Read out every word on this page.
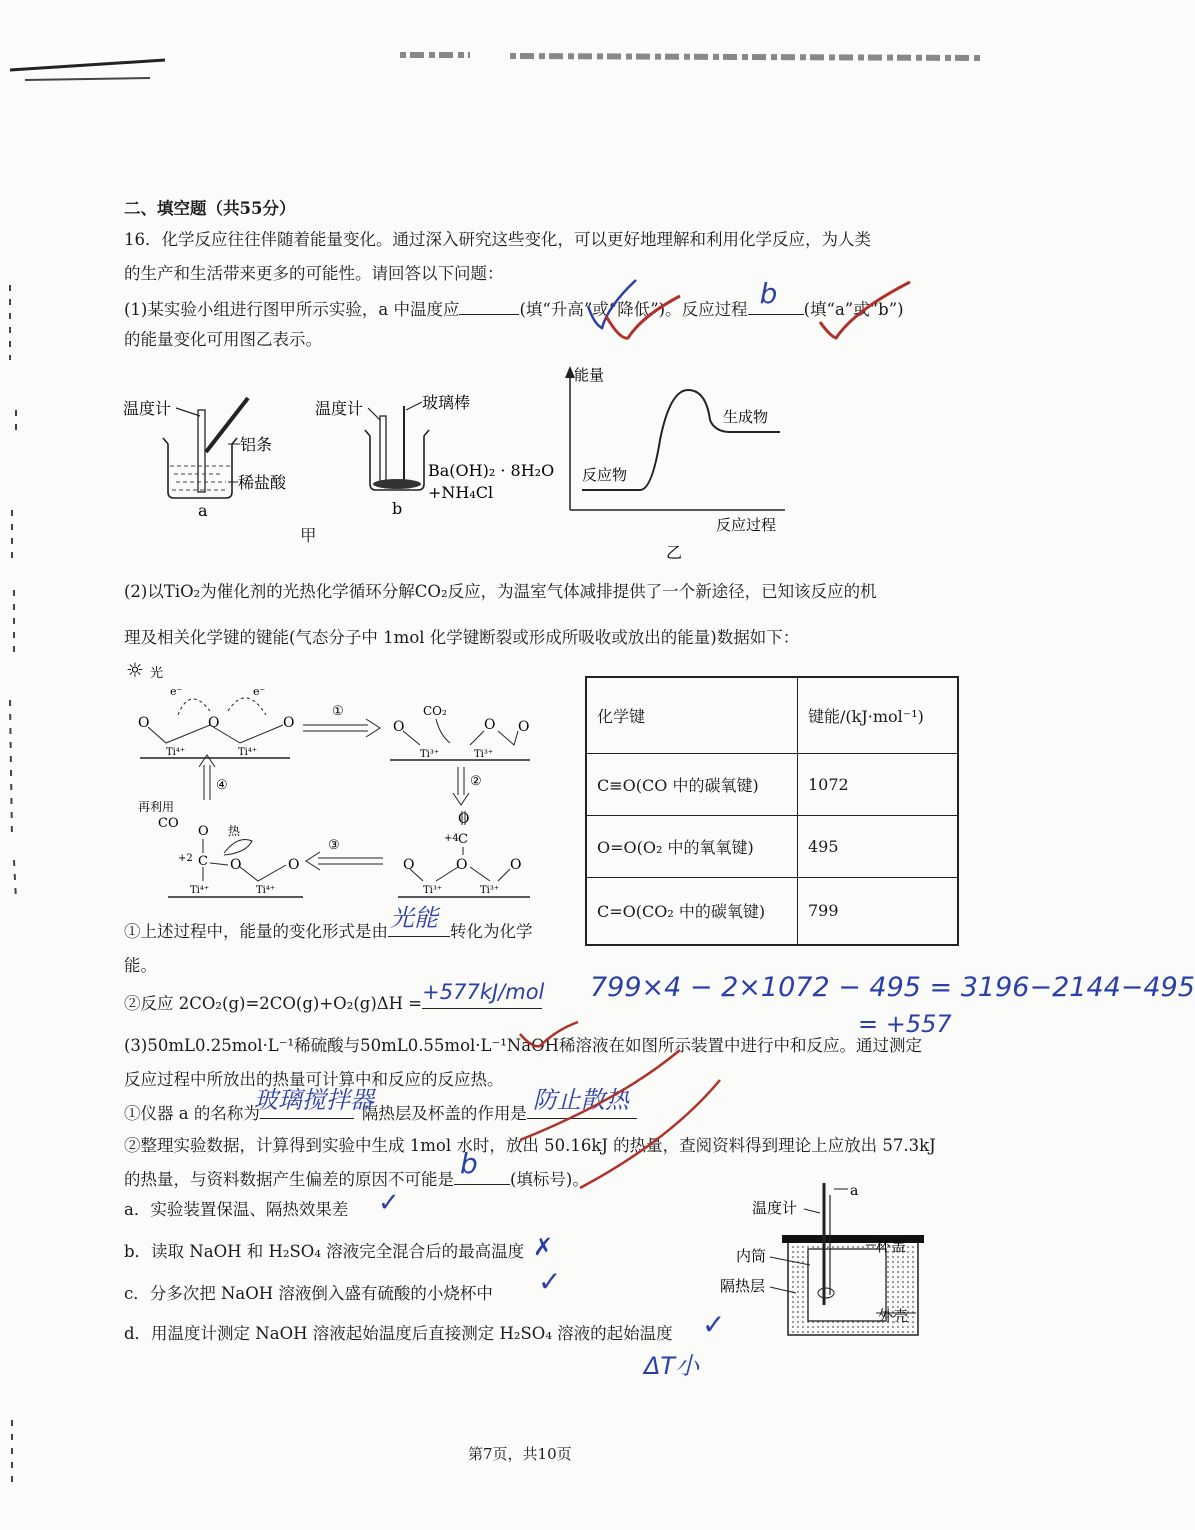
二、填空题（共55分）
16．化学反应往往伴随着能量变化。通过深入研究这些变化，可以更好地理解和利用化学反应，为人类
的生产和生活带来更多的可能性。请回答以下问题：
(1)某实验小组进行图甲所示实验，a 中温度应	(填“升高”或“降低”)。反应过程 b (填“a”或“b”)
的能量变化可用图乙表示。
温度计
铝条
稀盐酸
a
温度计	玻璃棒
Ba(OH)₂ · 8H₂O
+NH₄Cl
b
甲
能量
生成物
反应物
反应过程
乙
(2)以TiO₂为催化剂的光热化学循环分解CO₂反应，为温室气体减排提供了一个新途径，已知该反应的机
理及相关化学键的键能(气态分子中 1mol 化学键断裂或形成所吸收或放出的能量)数据如下：
☼ 光
e⁻	e⁻
O	O	O
Ti⁴⁺	Ti⁴⁺
①	CO₂
O	O O
Ti³⁺	Ti³⁺
②
④
再利用
CO
O 热
+2 C O	O
Ti⁴⁺	Ti⁴⁺
③
O
+4 C
O	O	O
Ti³⁺	Ti³⁺
化学键	键能/(kJ·mol⁻¹)
C≡O(CO 中的碳氧键)	1072
O=O(O₂ 中的氧氧键)	495
C=O(CO₂ 中的碳氧键)	799
①上述过程中，能量的变化形式是由 光能 转化为化学
能。
②反应 2CO₂(g)=2CO(g)+O₂(g)ΔH = +577kJ/mol 799×4 − 2×1072 − 495 = 3196−2144−495
= +557
(3)50mL0.25mol·L⁻¹稀硫酸与50mL0.55mol·L⁻¹NaOH稀溶液在如图所示装置中进行中和反应。通过测定
反应过程中所放出的热量可计算中和反应的反应热。
①仪器 a 的名称为
玻璃搅拌器
隔热层及杯盖的作用是 防止散热
②整理实验数据，计算得到实验中生成 1mol 水时，放出 50.16kJ 的热量，查阅资料得到理论上应放出 57.3kJ
的热量，与资料数据产生偏差的原因不可能是 b (填标号)。
a．实验装置保温、隔热效果差
b．读取 NaOH 和 H₂SO₄ 溶液完全混合后的最高温度
c．分多次把 NaOH 溶液倒入盛有硫酸的小烧杯中
d．用温度计测定 NaOH 溶液起始温度后直接测定 H₂SO₄ 溶液的起始温度
✓
✗
✓
✓
ΔT小
a
温度计
杯盖
内筒
隔热层
外壳
第7页，共10页
